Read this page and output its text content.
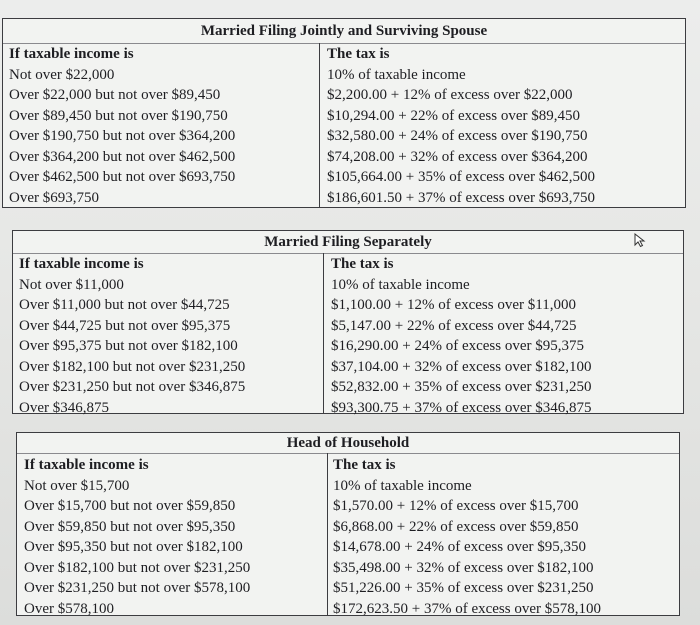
Married Filing Jointly and Surviving Spouse
If taxable income is
Not over $22,000
Over $22,000 but not over $89,450
Over $89,450 but not over $190,750
Over $190,750 but not over $364,200
Over $364,200 but not over $462,500
Over $462,500 but not over $693,750
Over $693,750
The tax is
10% of taxable income
$2,200.00 + 12% of excess over $22,000
$10,294.00 + 22% of excess over $89,450
$32,580.00 + 24% of excess over $190,750
$74,208.00 + 32% of excess over $364,200
$105,664.00 + 35% of excess over $462,500
$186,601.50 + 37% of excess over $693,750
Married Filing Separately
If taxable income is
Not over $11,000
Over $11,000 but not over $44,725
Over $44,725 but not over $95,375
Over $95,375 but not over $182,100
Over $182,100 but not over $231,250
Over $231,250 but not over $346,875
Over $346,875
The tax is
10% of taxable income
$1,100.00 + 12% of excess over $11,000
$5,147.00 + 22% of excess over $44,725
$16,290.00 + 24% of excess over $95,375
$37,104.00 + 32% of excess over $182,100
$52,832.00 + 35% of excess over $231,250
$93,300.75 + 37% of excess over $346,875
Head of Household
If taxable income is
Not over $15,700
Over $15,700 but not over $59,850
Over $59,850 but not over $95,350
Over $95,350 but not over $182,100
Over $182,100 but not over $231,250
Over $231,250 but not over $578,100
Over $578,100
The tax is
10% of taxable income
$1,570.00 + 12% of excess over $15,700
$6,868.00 + 22% of excess over $59,850
$14,678.00 + 24% of excess over $95,350
$35,498.00 + 32% of excess over $182,100
$51,226.00 + 35% of excess over $231,250
$172,623.50 + 37% of excess over $578,100
